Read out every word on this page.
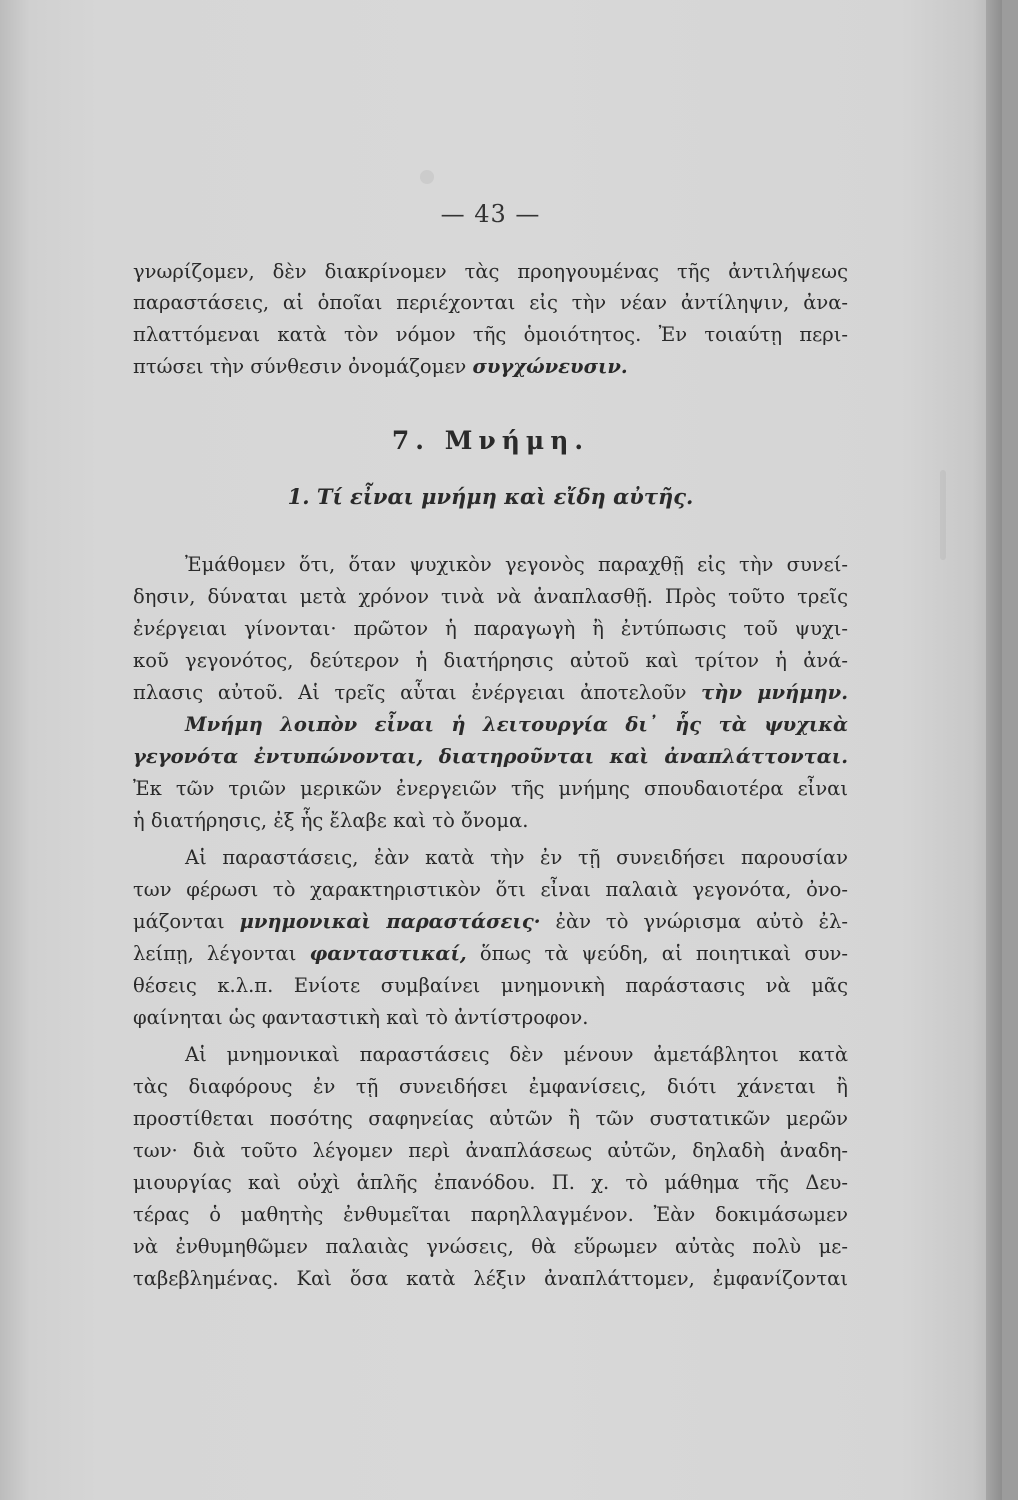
— 43 —
γνωρίζομεν, δὲν διακρίνομεν τὰς προηγουμένας τῆς ἀντιλήψεως
παραστάσεις, αἱ ὁποῖαι περιέχονται εἰς τὴν νέαν ἀντίληψιν, ἀνα-
πλαττόμεναι κατὰ τὸν νόμον τῆς ὁμοιότητος. Ἐν τοιαύτῃ περι-
πτώσει τὴν σύνθεσιν ὀνομάζομεν συγχώνευσιν.
7. Μνήμη.
1. Τί εἶναι μνήμη καὶ εἴδη αὐτῆς.
Ἐμάθομεν ὅτι, ὅταν ψυχικὸν γεγονὸς παραχθῇ εἰς τὴν συνεί-
δησιν, δύναται μετὰ χρόνον τινὰ νὰ ἀναπλασθῇ. Πρὸς τοῦτο τρεῖς
ἐνέργειαι γίνονται· πρῶτον ἡ παραγωγὴ ἢ ἐντύπωσις τοῦ ψυχι-
κοῦ γεγονότος, δεύτερον ἡ διατήρησις αὐτοῦ καὶ τρίτον ἡ ἀνά-
πλασις αὐτοῦ. Αἱ τρεῖς αὗται ἐνέργειαι ἀποτελοῦν τὴν μνήμην.
Μνήμη λοιπὸν εἶναι ἡ λειτουργία δι᾽ ἧς τὰ ψυχικὰ
γεγονότα ἐντυπώνονται, διατηροῦνται καὶ ἀναπλάττονται.
Ἐκ τῶν τριῶν μερικῶν ἐνεργειῶν τῆς μνήμης σπουδαιοτέρα εἶναι
ἡ διατήρησις, ἐξ ἧς ἔλαβε καὶ τὸ ὄνομα.
Αἱ παραστάσεις, ἐὰν κατὰ τὴν ἐν τῇ συνειδήσει παρουσίαν
των φέρωσι τὸ χαρακτηριστικὸν ὅτι εἶναι παλαιὰ γεγονότα, ὀνο-
μάζονται μνημονικαὶ παραστάσεις· ἐὰν τὸ γνώρισμα αὐτὸ ἐλ-
λείπῃ, λέγονται φανταστικαί, ὅπως τὰ ψεύδη, αἱ ποιητικαὶ συν-
θέσεις κ.λ.π. Ενίοτε συμβαίνει μνημονικὴ παράστασις νὰ μᾶς
φαίνηται ὡς φανταστικὴ καὶ τὸ ἀντίστροφον.
Αἱ μνημονικαὶ παραστάσεις δὲν μένουν ἀμετάβλητοι κατὰ
τὰς διαφόρους ἐν τῇ συνειδήσει ἐμφανίσεις, διότι χάνεται ἢ
προστίθεται ποσότης σαφηνείας αὐτῶν ἢ τῶν συστατικῶν μερῶν
των· διὰ τοῦτο λέγομεν περὶ ἀναπλάσεως αὐτῶν, δηλαδὴ ἀναδη-
μιουργίας καὶ οὐχὶ ἁπλῆς ἐπανόδου. Π. χ. τὸ μάθημα τῆς Δευ-
τέρας ὁ μαθητὴς ἐνθυμεῖται παρηλλαγμένον. Ἐὰν δοκιμάσωμεν
νὰ ἐνθυμηθῶμεν παλαιὰς γνώσεις, θὰ εὕρωμεν αὐτὰς πολὺ με-
ταβεβλημένας. Καὶ ὅσα κατὰ λέξιν ἀναπλάττομεν, ἐμφανίζονται
